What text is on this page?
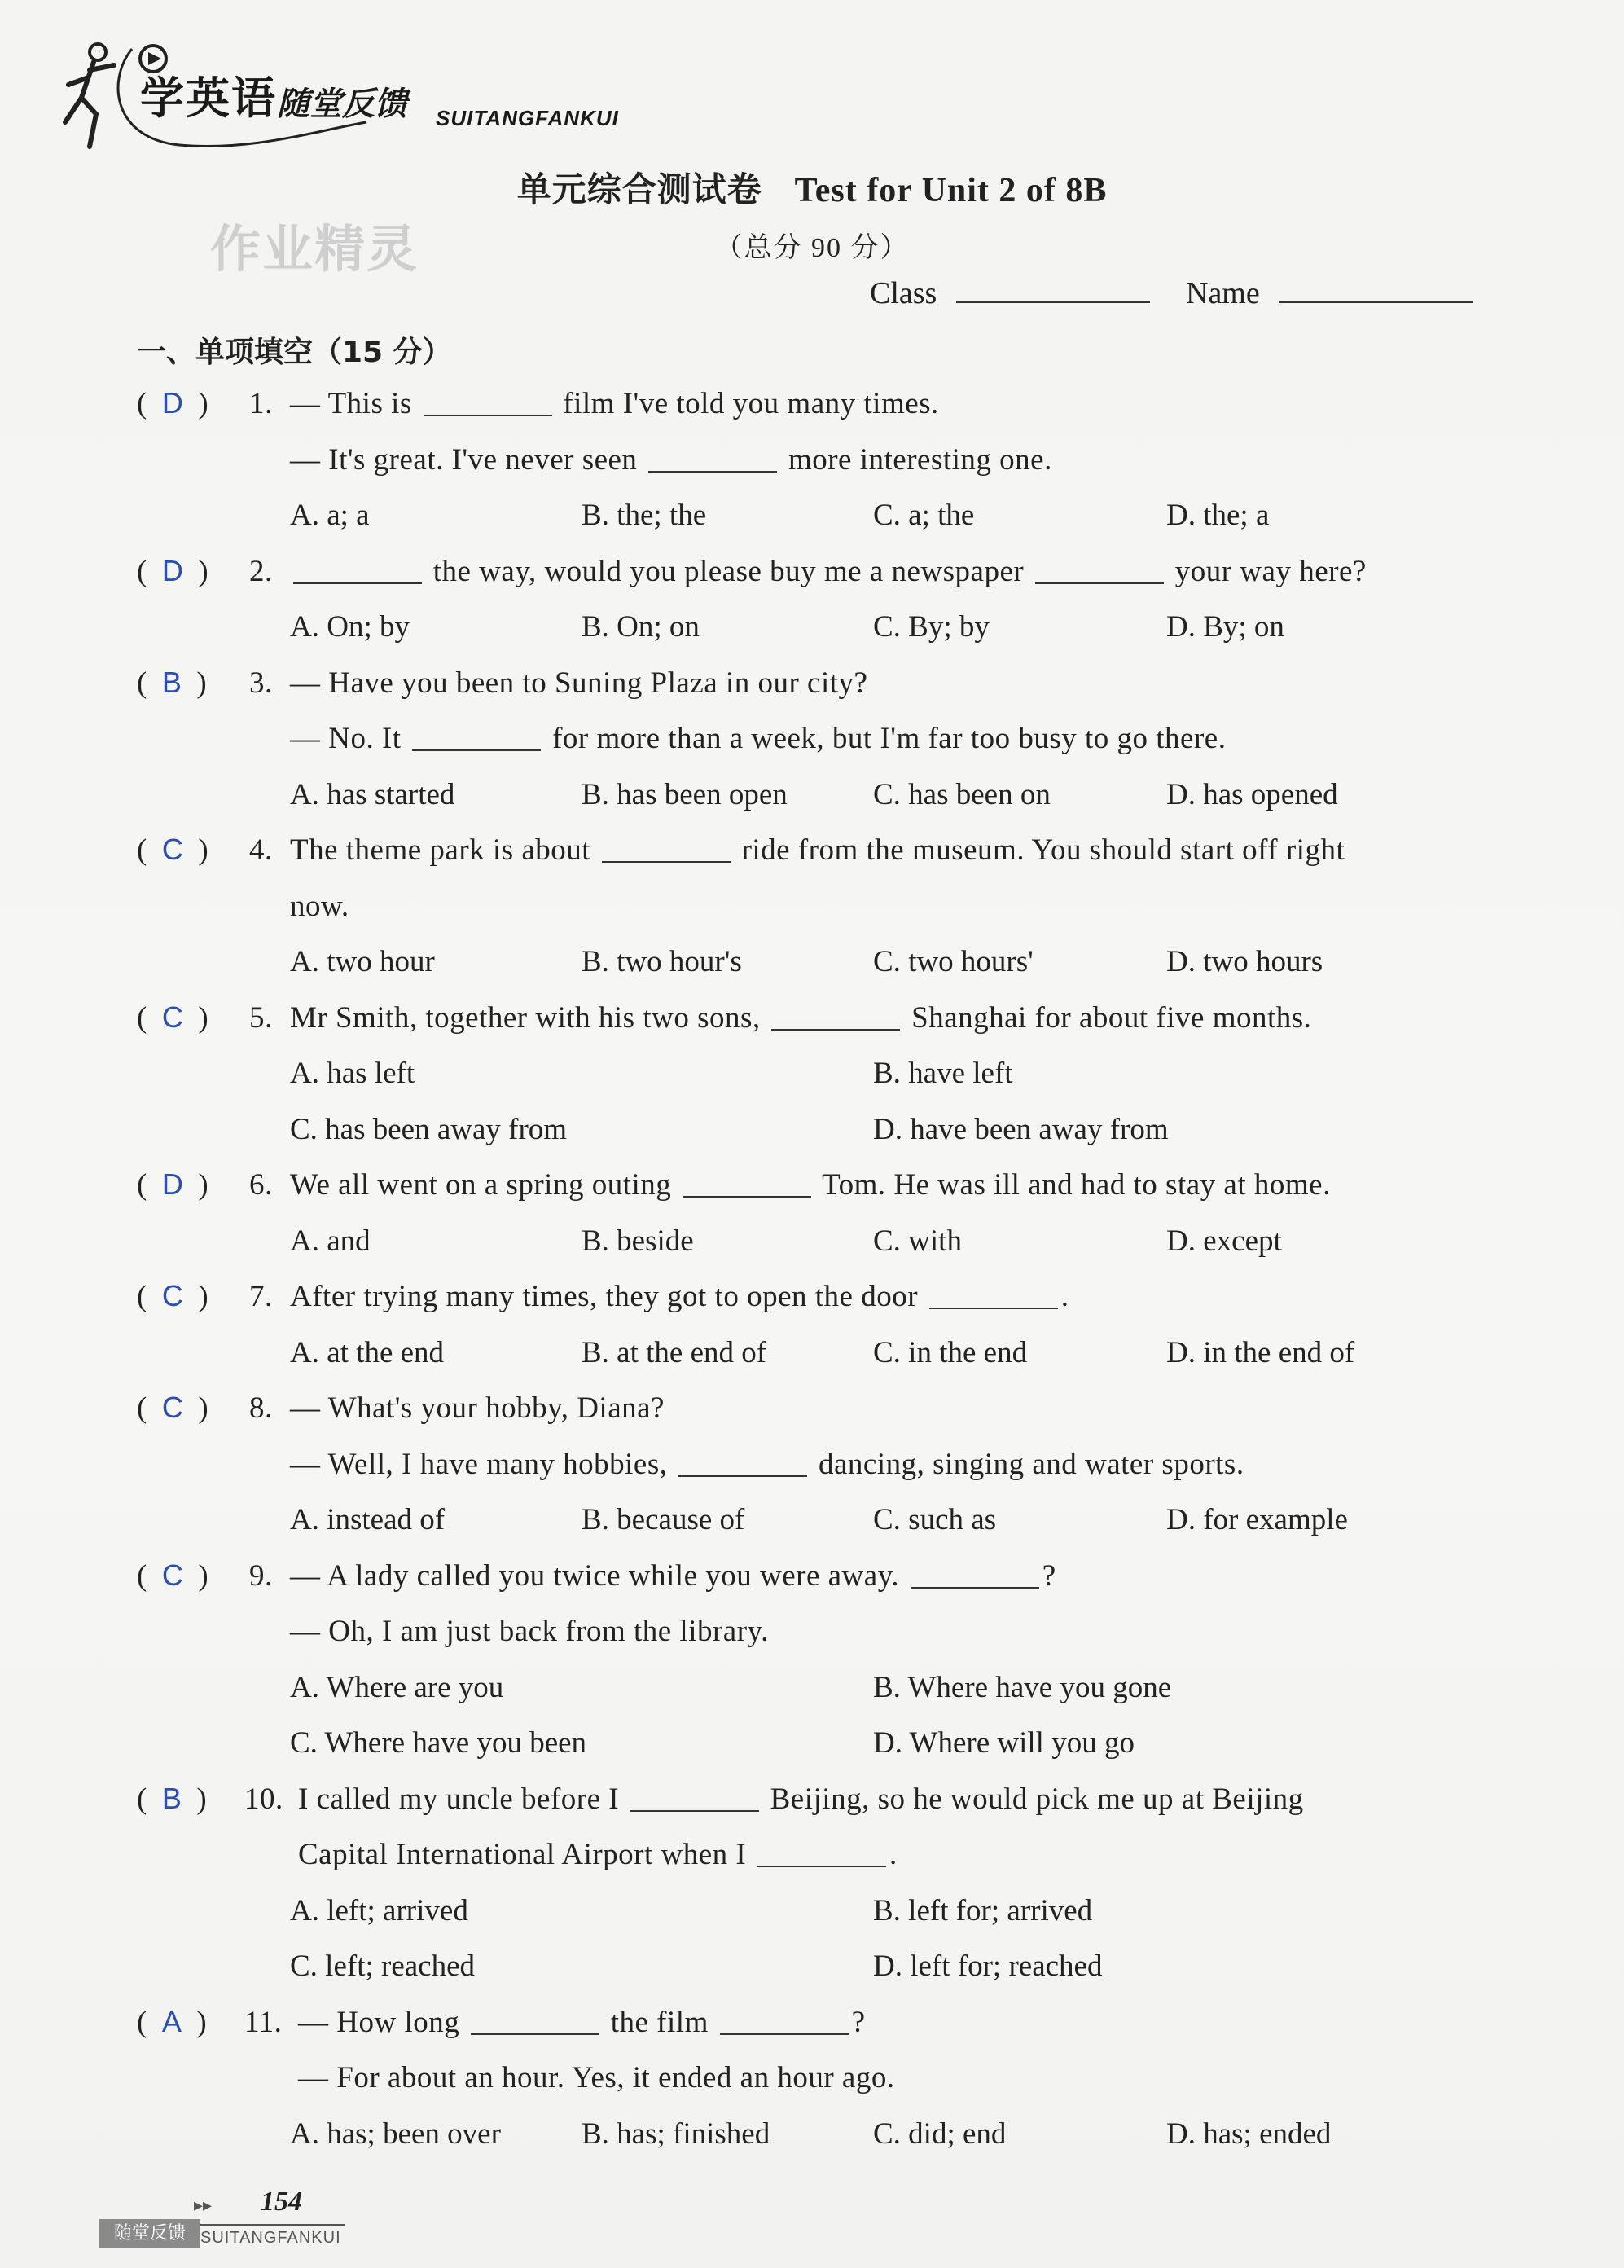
学英语 随堂反馈 SUITANGFANKUI
作业精灵
单元综合测试卷 Test for Unit 2 of 8B
（总分 90 分）
Class	Name
一、单项填空（15 分）
(  D  ) 1. — This is	film I've told you many times.
— It's great. I've never seen	more interesting one.
A. a; a	B. the; the	C. a; the	D. the; a
(  D  ) 2.	the way, would you please buy me a newspaper	your way here?
A. On; by	B. On; on	C. By; by	D. By; on
(  B  ) 3. — Have you been to Suning Plaza in our city?
— No. It	for more than a week, but I'm far too busy to go there.
A. has started	B. has been open	C. has been on	D. has opened
(  C  ) 4. The theme park is about	ride from the museum. You should start off right
now.
A. two hour	B. two hour's	C. two hours'	D. two hours
(  C  ) 5. Mr Smith, together with his two sons,	Shanghai for about five months.
A. has left	B. have left
C. has been away from	D. have been away from
(  D  ) 6. We all went on a spring outing	Tom. He was ill and had to stay at home.
A. and	B. beside	C. with	D. except
(  C  ) 7. After trying many times, they got to open the door	.
A. at the end	B. at the end of	C. in the end	D. in the end of
(  C  ) 8. — What's your hobby, Diana?
— Well, I have many hobbies,	dancing, singing and water sports.
A. instead of	B. because of	C. such as	D. for example
(  C  ) 9. — A lady called you twice while you were away.	?
— Oh, I am just back from the library.
A. Where are you	B. Where have you gone
C. Where have you been	D. Where will you go
(  B  ) 10. I called my uncle before I	Beijing, so he would pick me up at Beijing
Capital International Airport when I	.
A. left; arrived	B. left for; arrived
C. left; reached	D. left for; reached
(  A  ) 11. — How long	the film	?
— For about an hour. Yes, it ended an hour ago.
A. has; been over	B. has; finished	C. did; end	D. has; ended
▸▸ 154
随堂反馈 SUITANGFANKUI
